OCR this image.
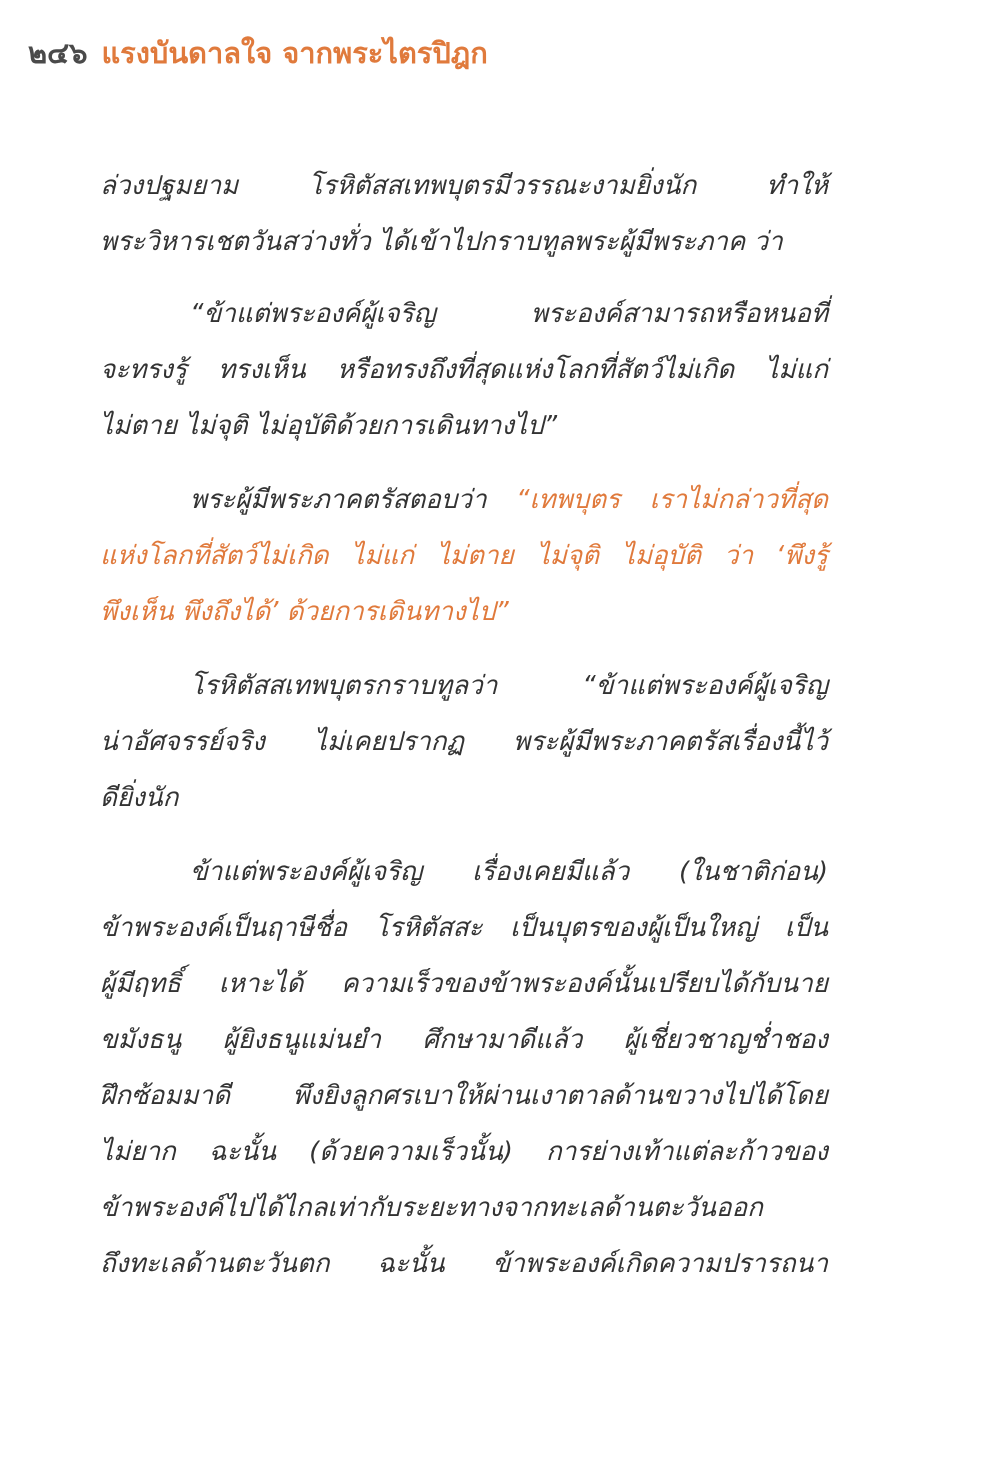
๒๔๖ แรงบันดาลใจ จากพระไตรปิฎก

ล่วงปฐมยาม โรหิตัสสเทพบุตรมีวรรณะงามยิ่งนัก ทำให้
พระวิหารเชตวันสว่างทั่ว ได้เข้าไปกราบทูลพระผู้มีพระภาค ว่า

“ข้าแต่พระองค์ผู้เจริญ พระองค์สามารถหรือหนอที่
จะทรงรู้ ทรงเห็น หรือทรงถึงที่สุดแห่งโลกที่สัตว์ไม่เกิด ไม่แก่
ไม่ตาย ไม่จุติ ไม่อุบัติด้วยการเดินทางไป”

พระผู้มีพระภาคตรัสตอบว่า “เทพบุตร เราไม่กล่าวที่สุด
แห่งโลกที่สัตว์ไม่เกิด ไม่แก่ ไม่ตาย ไม่จุติ ไม่อุบัติ ว่า ‘พึงรู้
พึงเห็น พึงถึงได้’ ด้วยการเดินทางไป”

โรหิตัสสเทพบุตรกราบทูลว่า “ข้าแต่พระองค์ผู้เจริญ
น่าอัศจรรย์จริง ไม่เคยปรากฏ พระผู้มีพระภาคตรัสเรื่องนี้ไว้
ดียิ่งนัก

ข้าแต่พระองค์ผู้เจริญ เรื่องเคยมีแล้ว (ในชาติก่อน)
ข้าพระองค์เป็นฤาษีชื่อ โรหิตัสสะ เป็นบุตรของผู้เป็นใหญ่ เป็น
ผู้มีฤทธิ์ เหาะได้ ความเร็วของข้าพระองค์นั้นเปรียบได้กับนาย
ขมังธนู ผู้ยิงธนูแม่นยำ ศึกษามาดีแล้ว ผู้เชี่ยวชาญช่ำชอง
ฝึกซ้อมมาดี พึงยิงลูกศรเบาให้ผ่านเงาตาลด้านขวางไปได้โดย
ไม่ยาก ฉะนั้น (ด้วยความเร็วนั้น) การย่างเท้าแต่ละก้าวของ
ข้าพระองค์ไปได้ไกลเท่ากับระยะทางจากทะเลด้านตะวันออก
ถึงทะเลด้านตะวันตก ฉะนั้น ข้าพระองค์เกิดความปรารถนา
